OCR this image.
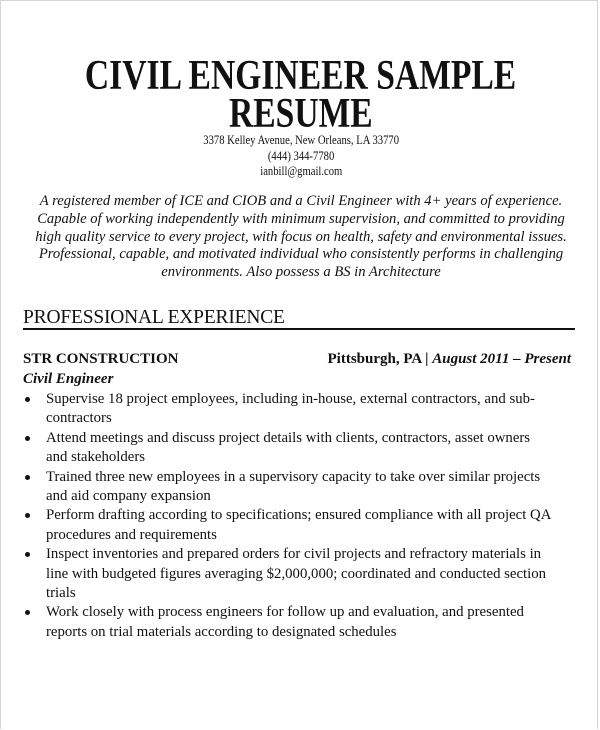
CIVIL ENGINEER SAMPLE
RESUME
3378 Kelley Avenue, New Orleans, LA 33770
(444) 344-7780
ianbill@gmail.com

A registered member of ICE and CIOB and a Civil Engineer with 4+ years of experience. Capable of working independently with minimum supervision, and committed to providing high quality service to every project, with focus on health, safety and environmental issues. Professional, capable, and motivated individual who consistently performs in challenging environments. Also possess a BS in Architecture

PROFESSIONAL EXPERIENCE
STR CONSTRUCTION	Pittsburgh, PA | August 2011 – Present
Civil Engineer
Supervise 18 project employees, including in-house, external contractors, and sub-contractors
Attend meetings and discuss project details with clients, contractors, asset owners and stakeholders
Trained three new employees in a supervisory capacity to take over similar projects and aid company expansion
Perform drafting according to specifications; ensured compliance with all project QA procedures and requirements
Inspect inventories and prepared orders for civil projects and refractory materials in line with budgeted figures averaging $2,000,000; coordinated and conducted section trials
Work closely with process engineers for follow up and evaluation, and presented reports on trial materials according to designated schedules
